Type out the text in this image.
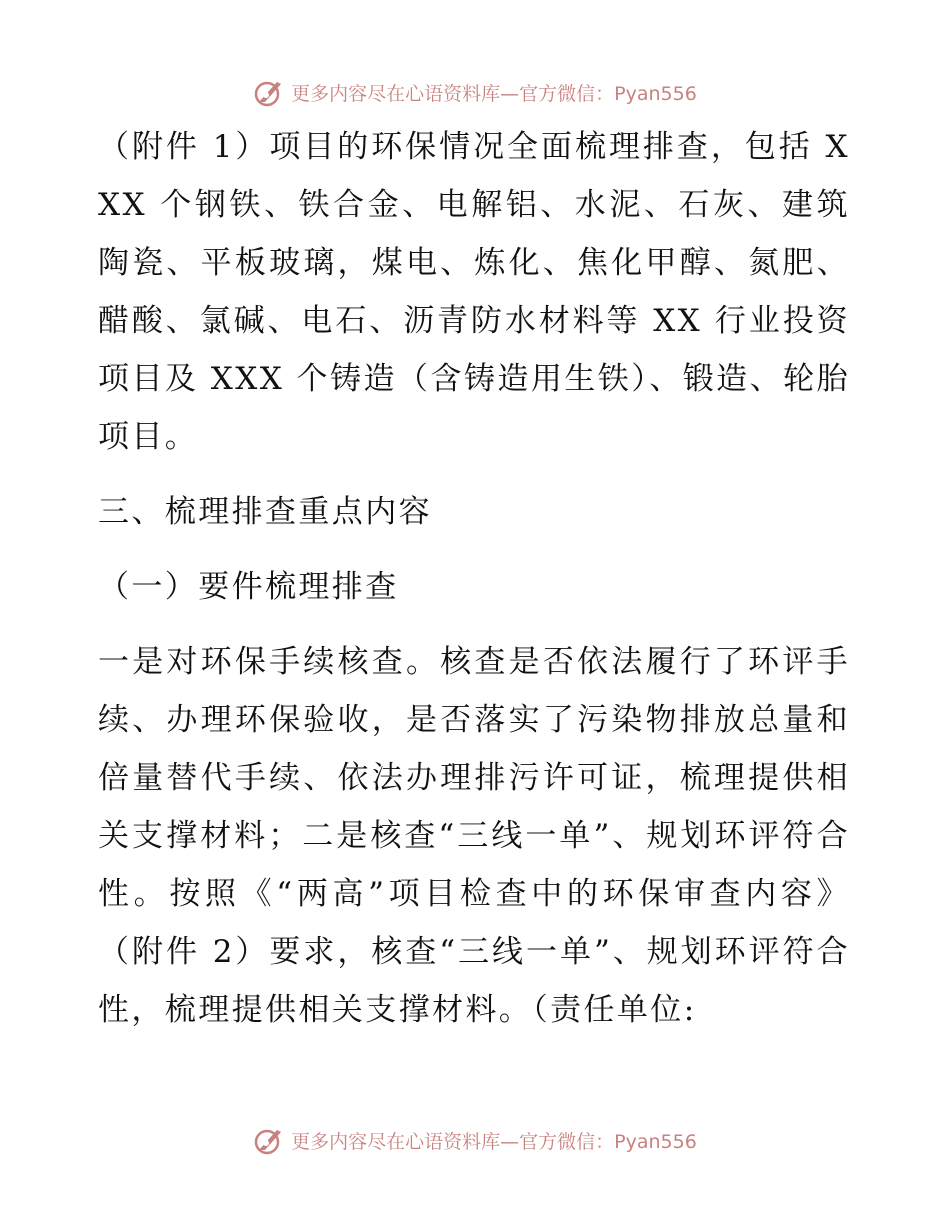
更多内容尽在心语资料库—官方微信：Pyan556

（附件 1）项目的环保情况全面梳理排查，包括 XXX 个钢铁、铁合金、电解铝、水泥、石灰、建筑陶瓷、平板玻璃，煤电、炼化、焦化甲醇、氮肥、醋酸、氯碱、电石、沥青防水材料等 XX 行业投资项目及 XXX 个铸造（含铸造用生铁）、锻造、轮胎项目。

三、梳理排查重点内容

（一）要件梳理排查

一是对环保手续核查。核查是否依法履行了环评手续、办理环保验收，是否落实了污染物排放总量和倍量替代手续、依法办理排污许可证，梳理提供相关支撑材料；二是核查“三线一单”、规划环评符合性。按照《“两高”项目检查中的环保审查内容》（附件 2）要求，核查“三线一单”、规划环评符合性，梳理提供相关支撑材料。（责任单位:

更多内容尽在心语资料库—官方微信：Pyan556
